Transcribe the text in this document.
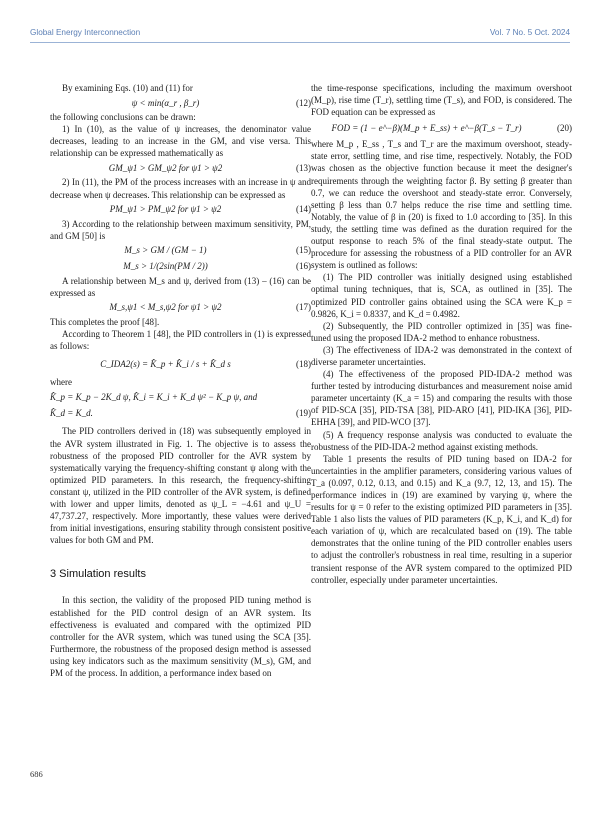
Global Energy Interconnection	Vol. 7 No. 5 Oct. 2024

By examining Eqs. (10) and (11) for

ψ < min(α_r , β_r)	(12)

the following conclusions can be drawn:

1) In (10), as the value of ψ increases, the denominator value decreases, leading to an increase in the GM, and vise versa. This relationship can be expressed mathematically as

GM_ψ1 > GM_ψ2 for ψ1 > ψ2	(13)

2) In (11), the PM of the process increases with an increase in ψ and decrease when ψ decreases. This relationship can be expressed as

PM_ψ1 > PM_ψ2 for ψ1 > ψ2	(14)

3) According to the relationship between maximum sensitivity, PM, and GM [50] is

M_s > GM / (GM − 1)	(15)
M_s > 1/(2sin(PM / 2))	(16)

A relationship between M_s and ψ, derived from (13) – (16) can be expressed as

M_s,ψ1 < M_s,ψ2 for ψ1 > ψ2	(17)

This completes the proof [48].

According to Theorem 1 [48], the PID controllers in (1) is expressed as follows:

C_IDA2(s) = K̂_p + K̂_i / s + K̂_d s	(18)

where

K̂_p = K_p − 2K_d ψ, K̂_i = K_i + K_d ψ² − K_p ψ, and
K̂_d = K_d.	(19)

The PID controllers derived in (18) was subsequently employed in the AVR system illustrated in Fig. 1. The objective is to assess the robustness of the proposed PID controller for the AVR system by systematically varying the frequency-shifting constant ψ along with the optimized PID parameters. In this research, the frequency-shifting constant ψ, utilized in the PID controller of the AVR system, is defined with lower and upper limits, denoted as ψ_L = −4.61 and ψ_U = 47,737.27, respectively. More importantly, these values were derived from initial investigations, ensuring stability through consistent positive values for both GM and PM.

3 Simulation results

In this section, the validity of the proposed PID tuning method is established for the PID control design of an AVR system. Its effectiveness is evaluated and compared with the optimized PID controller for the AVR system, which was tuned using the SCA [35]. Furthermore, the robustness of the proposed design method is assessed using key indicators such as the maximum sensitivity (M_s), GM, and PM of the process. In addition, a performance index based on

the time-response specifications, including the maximum overshoot (M_p), rise time (T_r), settling time (T_s), and FOD, is considered. The FOD equation can be expressed as

FOD = (1 − e^−β)(M_p + E_ss) + e^−β(T_s − T_r)	(20)

where M_p , E_ss , T_s and T_r are the maximum overshoot, steady-state error, settling time, and rise time, respectively. Notably, the FOD was chosen as the objective function because it meet the designer's requirements through the weighting factor β. By setting β greater than 0.7, we can reduce the overshoot and steady-state error. Conversely, setting β less than 0.7 helps reduce the rise time and settling time. Notably, the value of β in (20) is fixed to 1.0 according to [35]. In this study, the settling time was defined as the duration required for the output response to reach 5% of the final steady-state output. The procedure for assessing the robustness of a PID controller for an AVR system is outlined as follows:

(1) The PID controller was initially designed using established optimal tuning techniques, that is, SCA, as outlined in [35]. The optimized PID controller gains obtained using the SCA were K_p = 0.9826, K_i = 0.8337, and K_d = 0.4982.

(2) Subsequently, the PID controller optimized in [35] was fine-tuned using the proposed IDA-2 method to enhance robustness.

(3) The effectiveness of IDA-2 was demonstrated in the context of diverse parameter uncertainties.

(4) The effectiveness of the proposed PID-IDA-2 method was further tested by introducing disturbances and measurement noise amid parameter uncertainty (K_a = 15) and comparing the results with those of PID-SCA [35], PID-TSA [38], PID-ARO [41], PID-IKA [36], PID-EHHA [39], and PID-WCO [37].

(5) A frequency response analysis was conducted to evaluate the robustness of the PID-IDA-2 method against existing methods.

Table 1 presents the results of PID tuning based on IDA-2 for uncertainties in the amplifier parameters, considering various values of T_a (0.097, 0.12, 0.13, and 0.15) and K_a (9.7, 12, 13, and 15). The performance indices in (19) are examined by varying ψ, where the results for ψ = 0 refer to the existing optimized PID parameters in [35]. Table 1 also lists the values of PID parameters (K_p, K_i, and K_d) for each variation of ψ, which are recalculated based on (19). The table demonstrates that the online tuning of the PID controller enables users to adjust the controller's robustness in real time, resulting in a superior transient response of the AVR system compared to the optimized PID controller, especially under parameter uncertainties.

686
